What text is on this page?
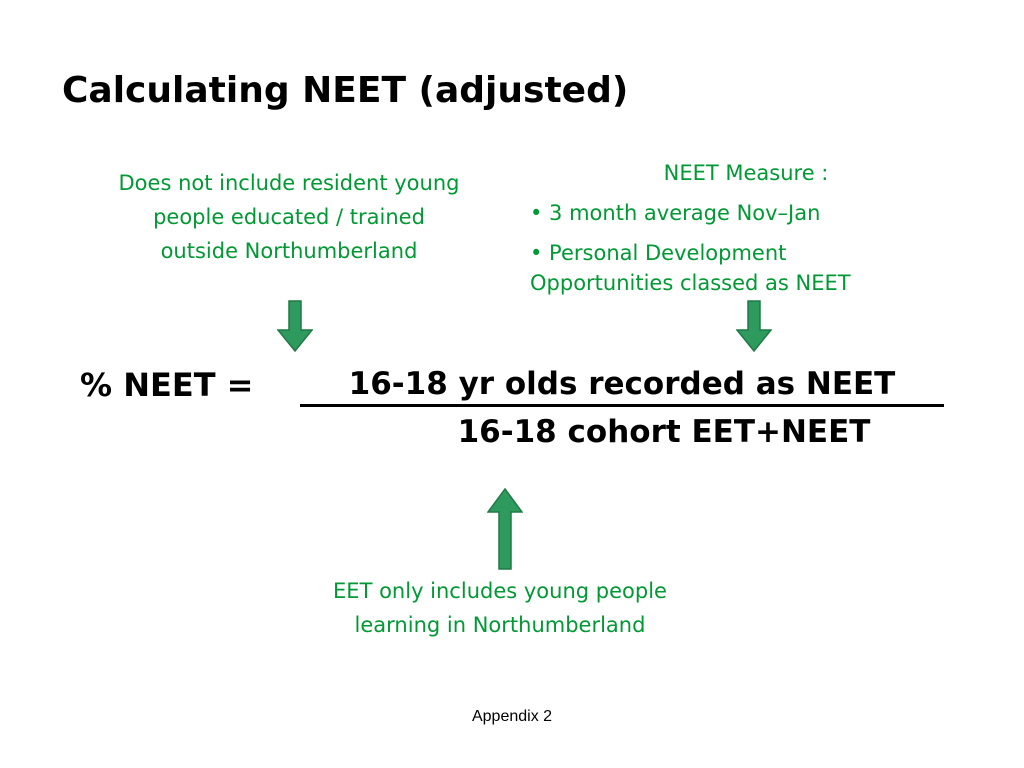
Calculating NEET (adjusted)
Does not include resident young
people educated / trained
outside Northumberland
NEET Measure :
• 3 month average Nov–Jan
• Personal Development
Opportunities classed as NEET
% NEET =	16-18 yr olds recorded as NEET
16-18 cohort EET+NEET
EET only includes young people
learning in Northumberland
Appendix 2
